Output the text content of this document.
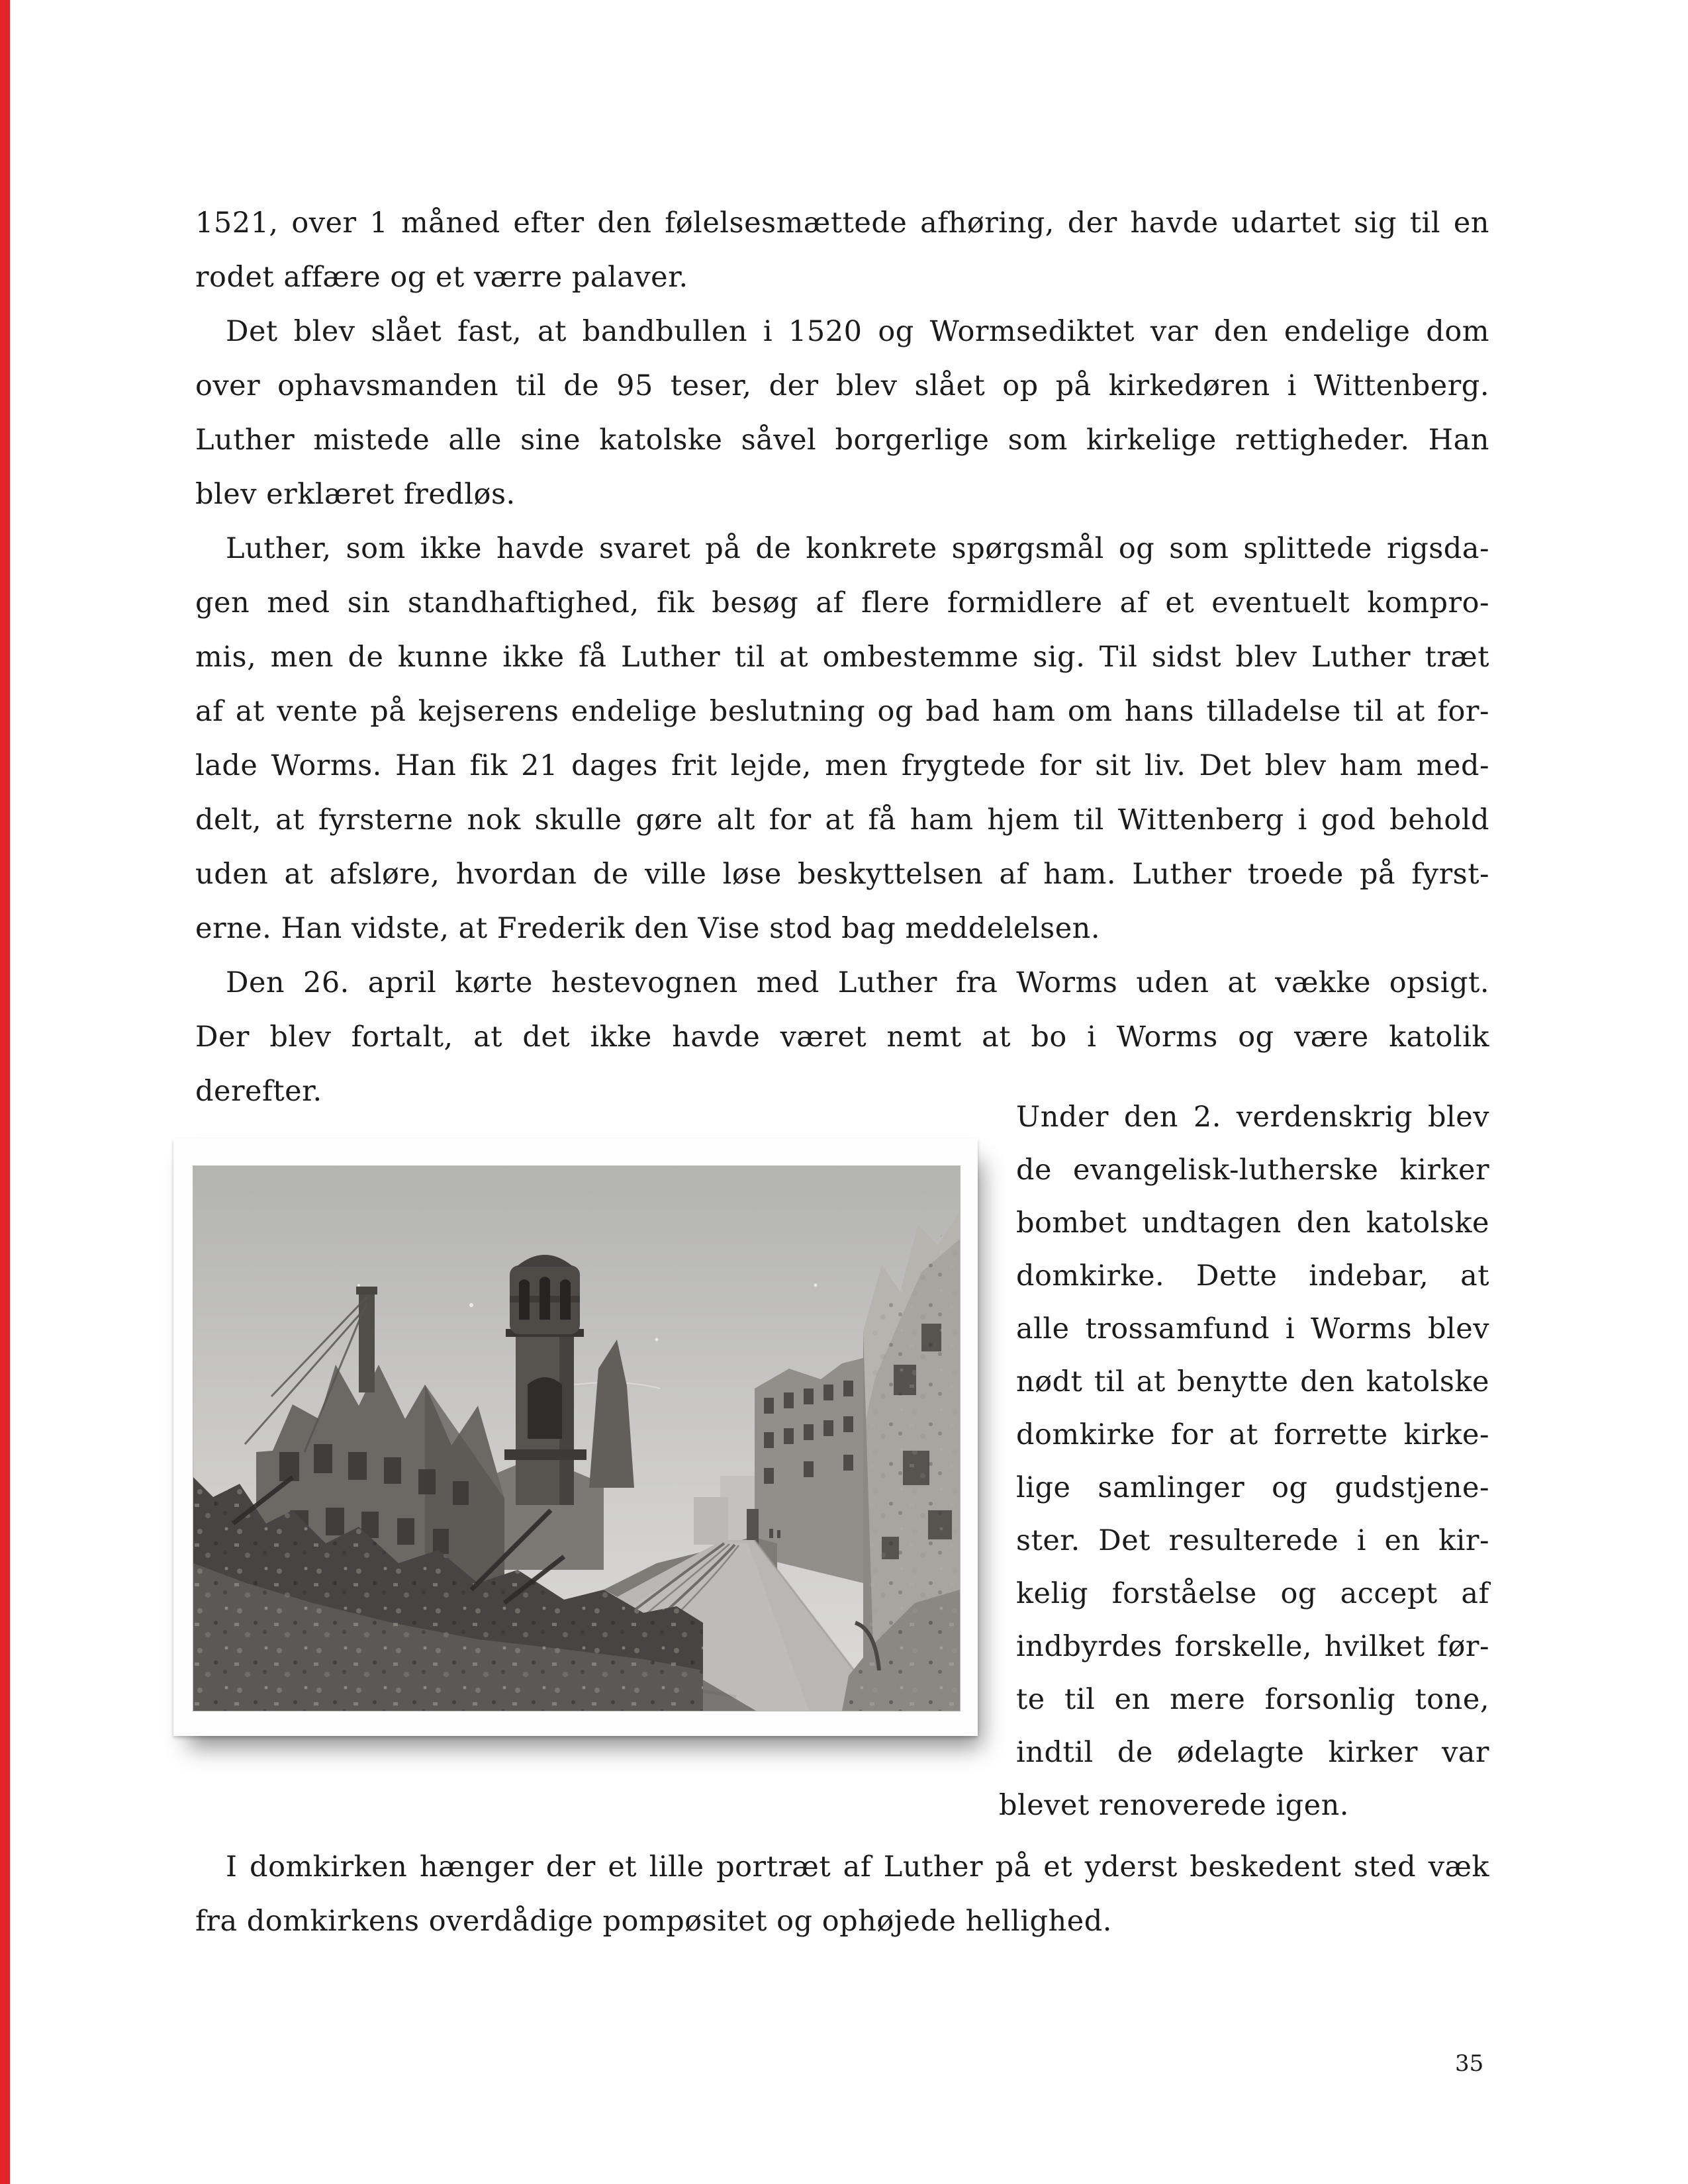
1521, over 1 måned efter den følelsesmættede afhøring, der havde udartet sig til en
rodet affære og et værre palaver.
Det blev slået fast, at bandbullen i 1520 og Wormsediktet var den endelige dom
over ophavsmanden til de 95 teser, der blev slået op på kirkedøren i Wittenberg.
Luther mistede alle sine katolske såvel borgerlige som kirkelige rettigheder. Han
blev erklæret fredløs.
Luther, som ikke havde svaret på de konkrete spørgsmål og som splittede rigsda-
gen med sin standhaftighed, fik besøg af flere formidlere af et eventuelt kompro-
mis, men de kunne ikke få Luther til at ombestemme sig. Til sidst blev Luther træt
af at vente på kejserens endelige beslutning og bad ham om hans tilladelse til at for-
lade Worms. Han fik 21 dages frit lejde, men frygtede for sit liv. Det blev ham med-
delt, at fyrsterne nok skulle gøre alt for at få ham hjem til Wittenberg i god behold
uden at afsløre, hvordan de ville løse beskyttelsen af ham. Luther troede på fyrst-
erne. Han vidste, at Frederik den Vise stod bag meddelelsen.
Den 26. april kørte hestevognen med Luther fra Worms uden at vække opsigt.
Der blev fortalt, at det ikke havde været nemt at bo i Worms og være katolik
derefter.
Under den 2. verdenskrig blev
de evangelisk-lutherske kirker
bombet undtagen den katolske
domkirke. Dette indebar, at
alle trossamfund i Worms blev
nødt til at benytte den katolske
domkirke for at forrette kirke-
lige samlinger og gudstjene-
ster. Det resulterede i en kir-
kelig forståelse og accept af
indbyrdes forskelle, hvilket før-
te til en mere forsonlig tone,
indtil de ødelagte kirker var
blevet renoverede igen.
I domkirken hænger der et lille portræt af Luther på et yderst beskedent sted væk
fra domkirkens overdådige pompøsitet og ophøjede hellighed.
35
